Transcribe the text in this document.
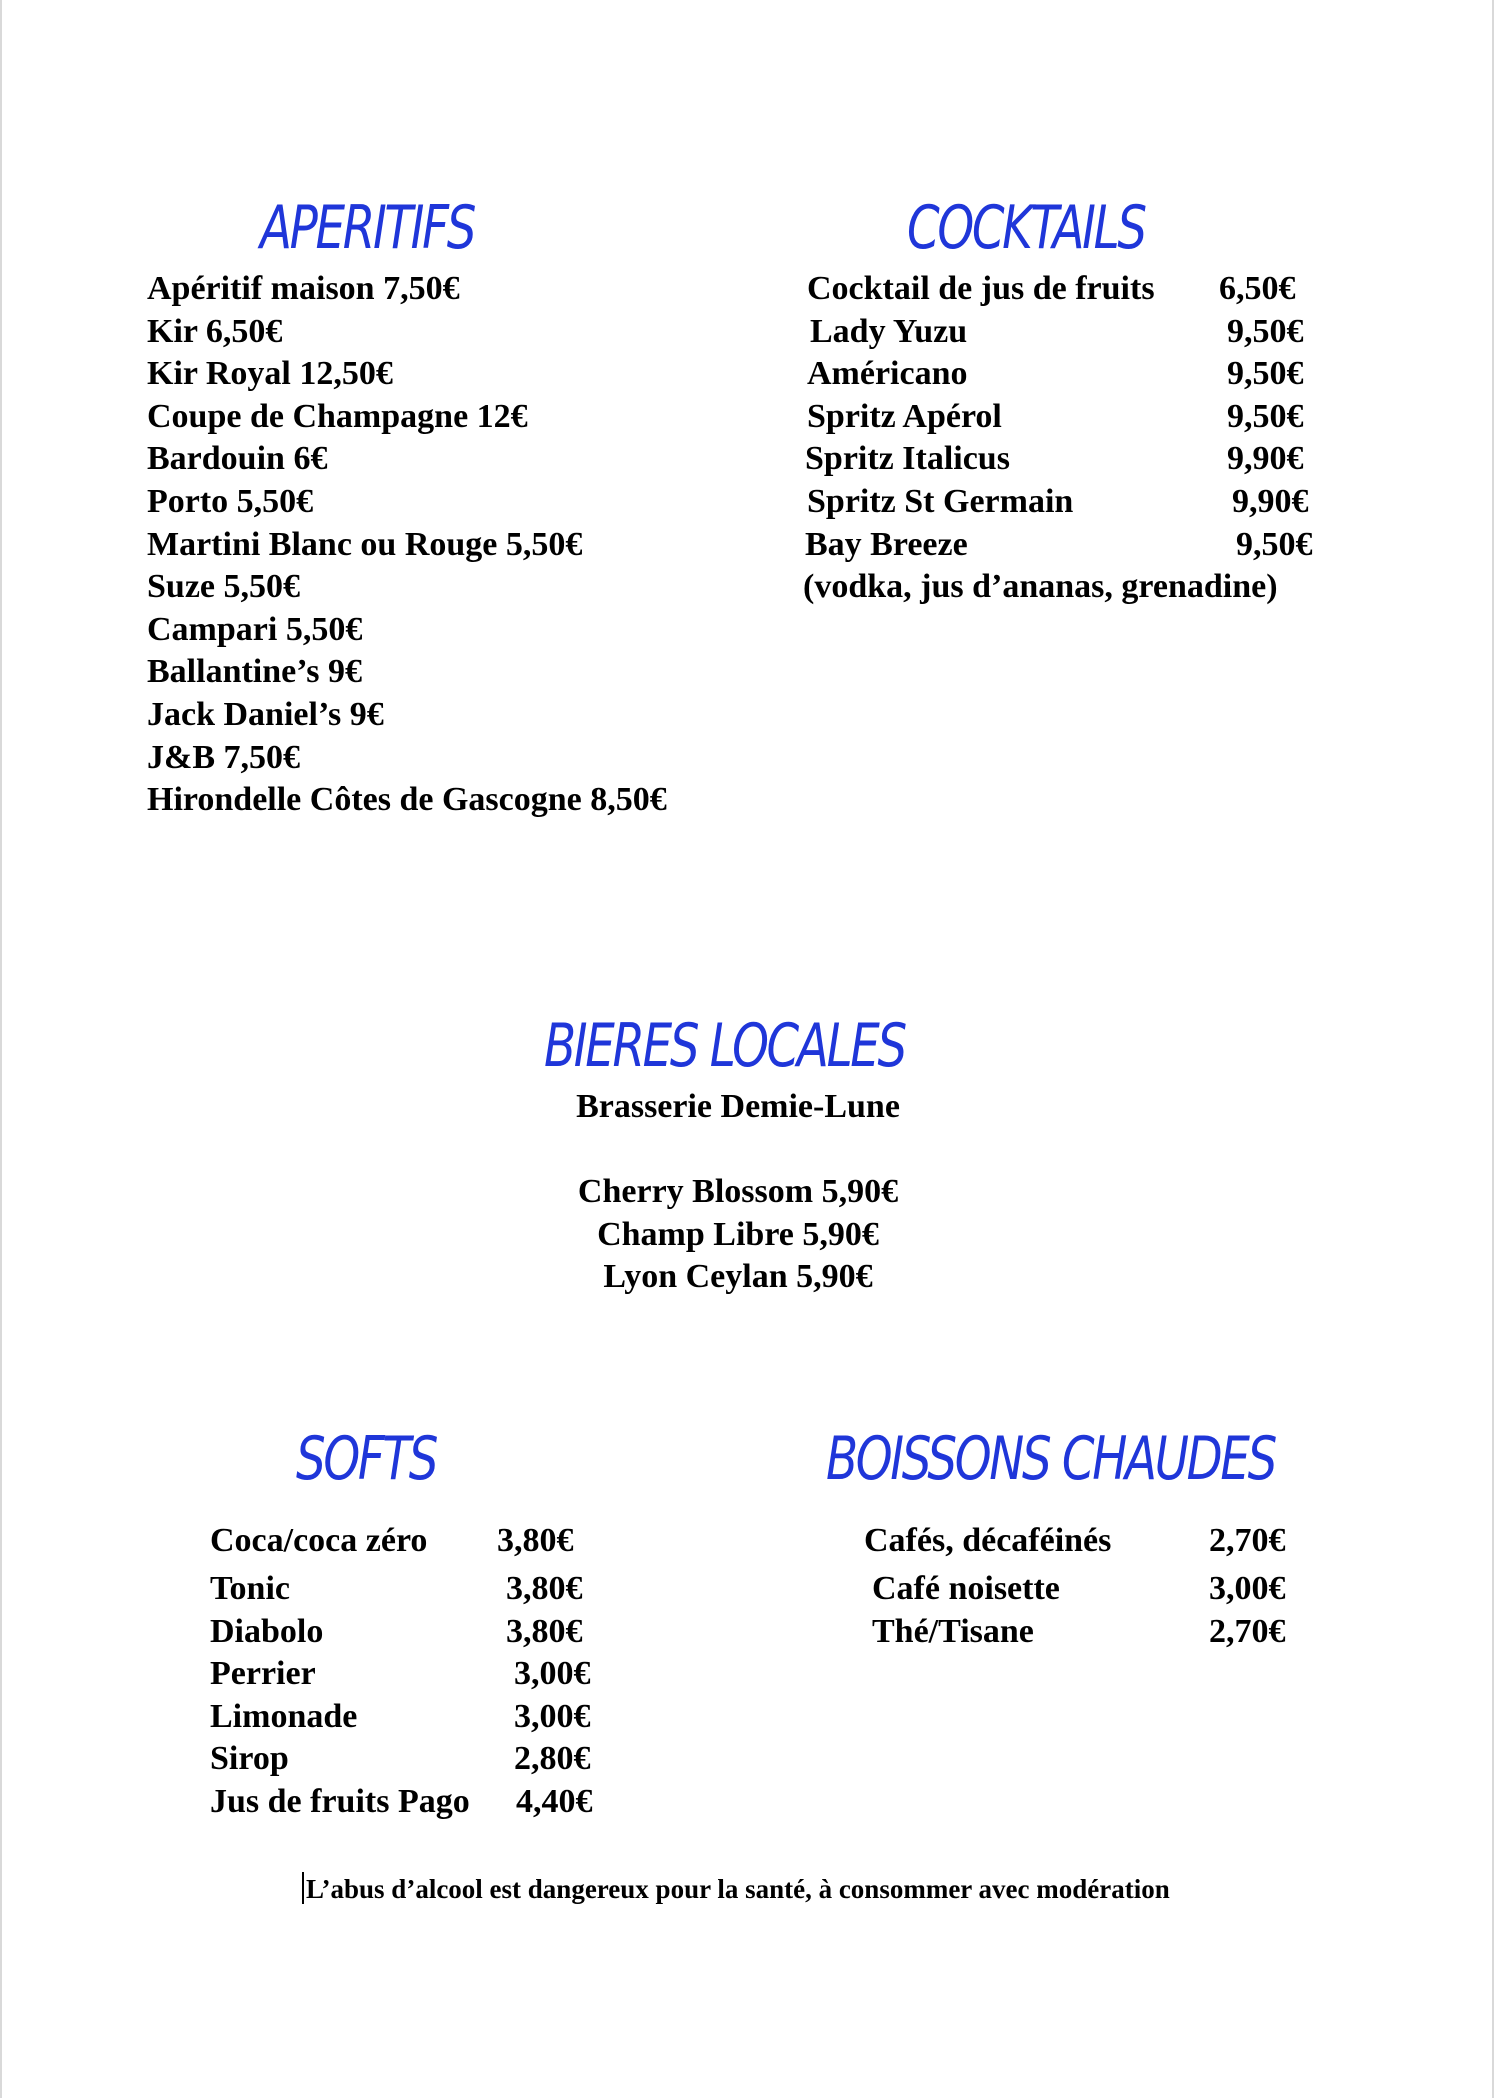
APERITIFS
Apéritif maison 7,50€
Kir 6,50€
Kir Royal 12,50€
Coupe de Champagne 12€
Bardouin 6€
Porto 5,50€
Martini Blanc ou Rouge 5,50€
Suze 5,50€
Campari 5,50€
Ballantine’s 9€
Jack Daniel’s 9€
J&B 7,50€
Hirondelle Côtes de Gascogne 8,50€
COCKTAILS
Cocktail de jus de fruits 6,50€
Lady Yuzu	9,50€
Américano	9,50€
Spritz Apérol	9,50€
Spritz Italicus	9,90€
Spritz St Germain	9,90€
Bay Breeze	9,50€
(vodka, jus d’ananas, grenadine)
BIERES LOCALES
Brasserie Demie-Lune
Cherry Blossom 5,90€
Champ Libre 5,90€
Lyon Ceylan 5,90€
SOFTS
Coca/coca zéro 3,80€
Tonic	3,80€
Diabolo	3,80€
Perrier	3,00€
Limonade	3,00€
Sirop	2,80€
Jus de fruits Pago 4,40€
BOISSONS CHAUDES
Cafés, décaféinés	2,70€
Café noisette	3,00€
Thé/Tisane	2,70€
L’abus d’alcool est dangereux pour la santé, à consommer avec modération
